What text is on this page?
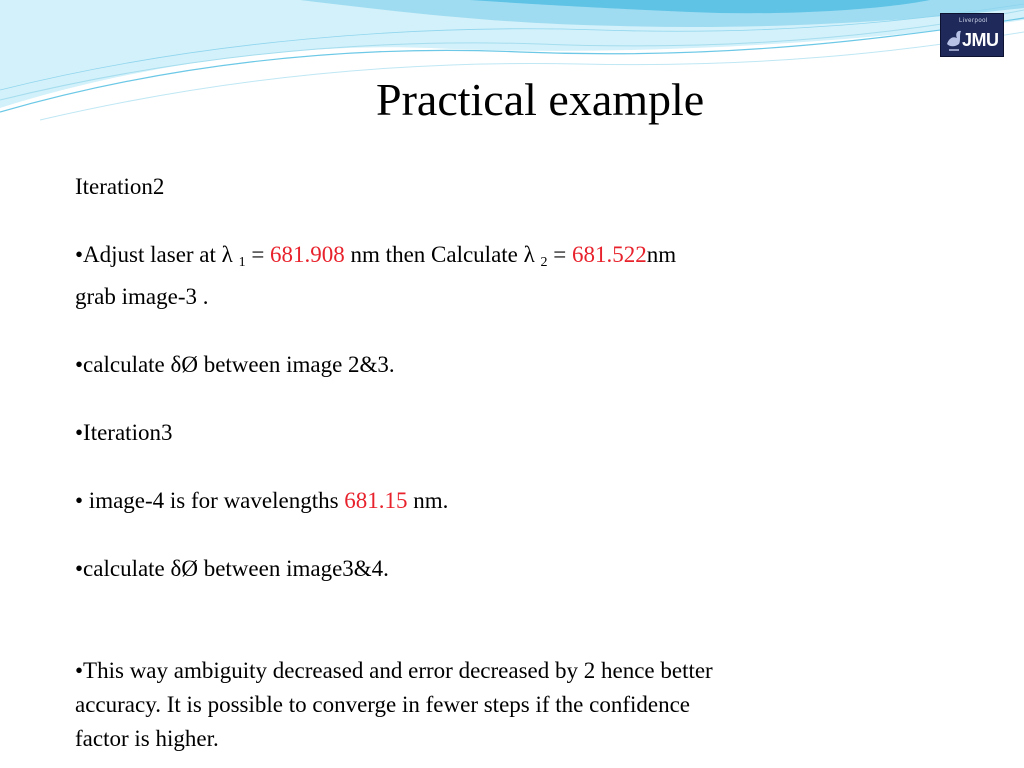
Liverpool
JMU
Practical example

Iteration2

•Adjust laser at λ $_1$ = 681.908 nm then Calculate λ $_2$ = 681.522nm
grab image-3 .

•calculate δØ between image 2&3.

•Iteration3

• image-4 is for wavelengths 681.15 nm.

•calculate δØ between image3&4.

•This way ambiguity decreased and error decreased by 2 hence better
accuracy. It is possible to converge in fewer steps if the confidence
factor is higher.
